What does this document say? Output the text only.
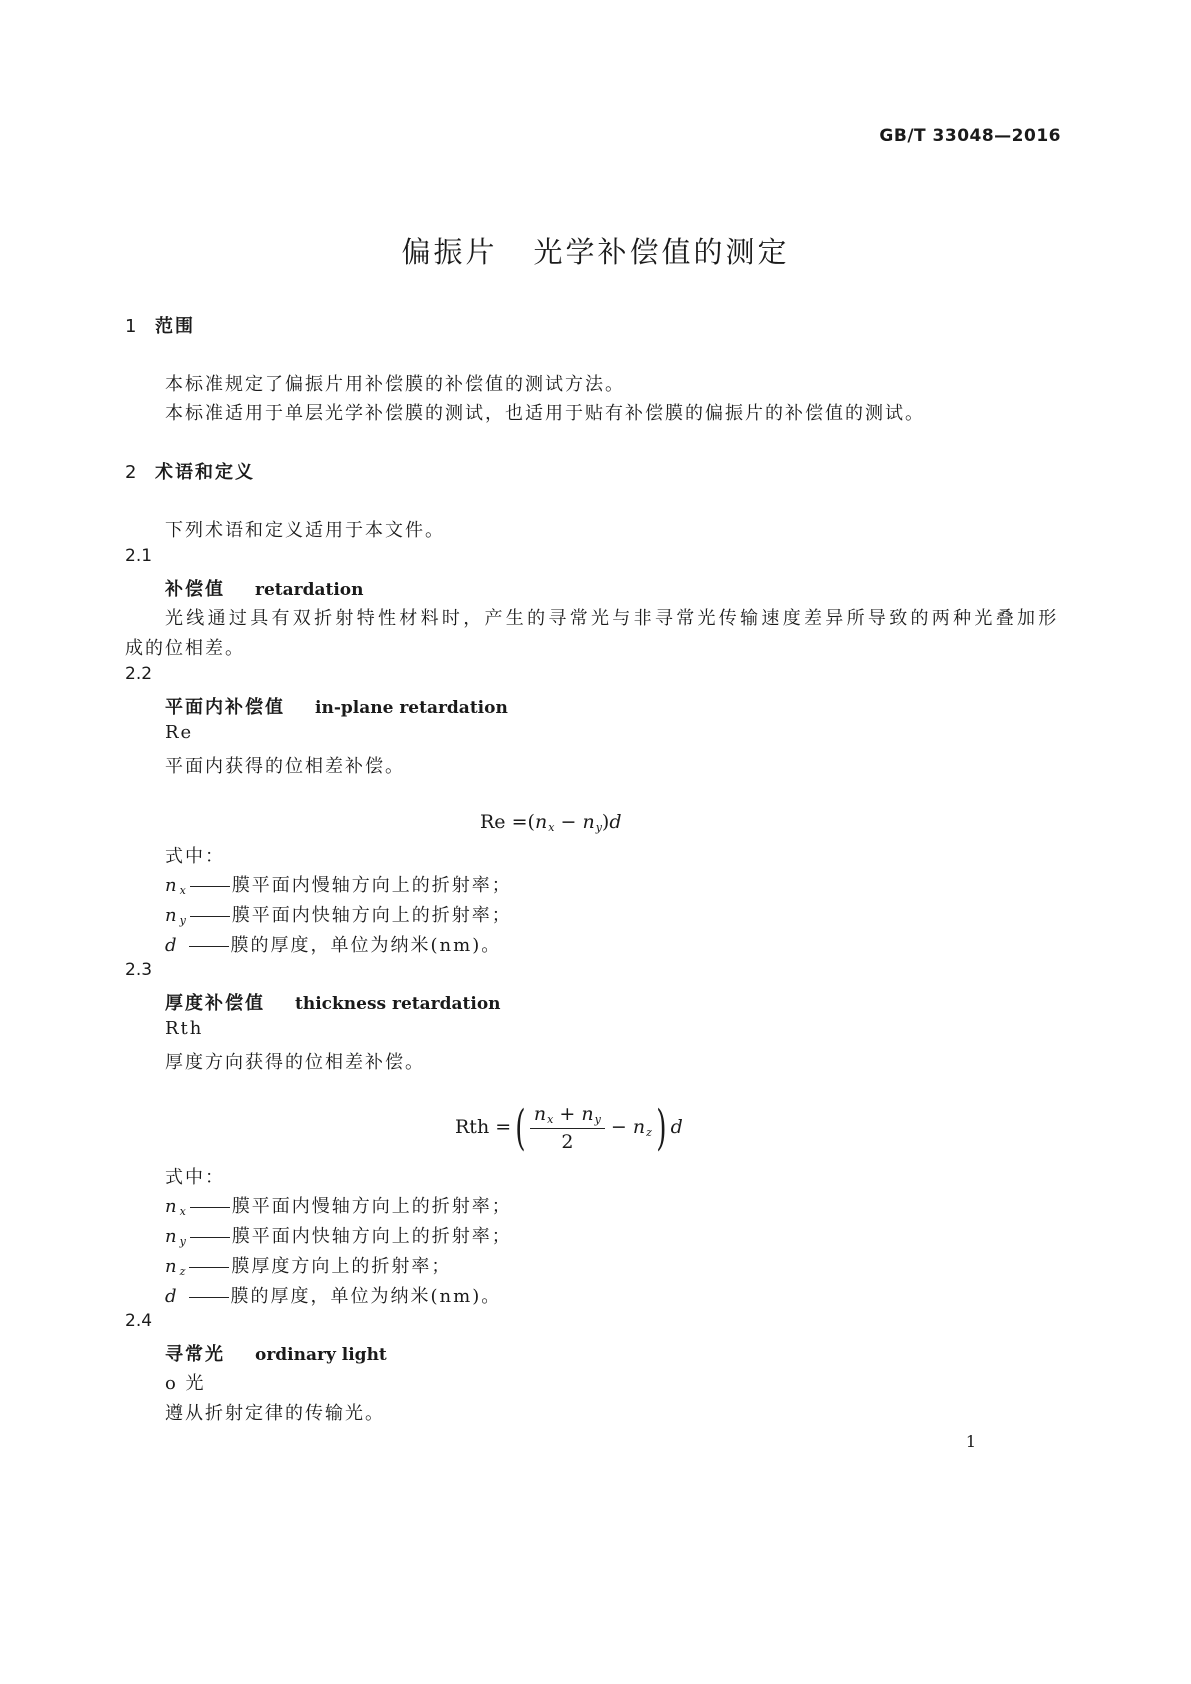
GB/T 33048—2016
偏振片 光学补偿值的测定
1 范围
本标准规定了偏振片用补偿膜的补偿值的测试方法。
本标准适用于单层光学补偿膜的测试，也适用于贴有补偿膜的偏振片的补偿值的测试。
2 术语和定义
下列术语和定义适用于本文件。
2.1
补偿值 retardation
光线通过具有双折射特性材料时，产生的寻常光与非寻常光传输速度差异所导致的两种光叠加形
成的位相差。
2.2
平面内补偿值 in-plane retardation
Re
平面内获得的位相差补偿。
$Re =(n_x - n_y)d$
式中：
$n_x$ 膜平面内慢轴方向上的折射率；
$n_y$ 膜平面内快轴方向上的折射率；
d	膜的厚度，单位为纳米(nm)。
2.3
厚度补偿值 thickness retardation
Rth
厚度方向获得的位相差补偿。
Rth =( $\frac{n_x + n_y}{2} - n_z$) d
式中：
$n_x$ 膜平面内慢轴方向上的折射率；
$n_y$ 膜平面内快轴方向上的折射率；
$n_z$ 膜厚度方向上的折射率；
d	膜的厚度，单位为纳米(nm)。
2.4
寻常光 ordinary light
o 光
遵从折射定律的传输光。
1
